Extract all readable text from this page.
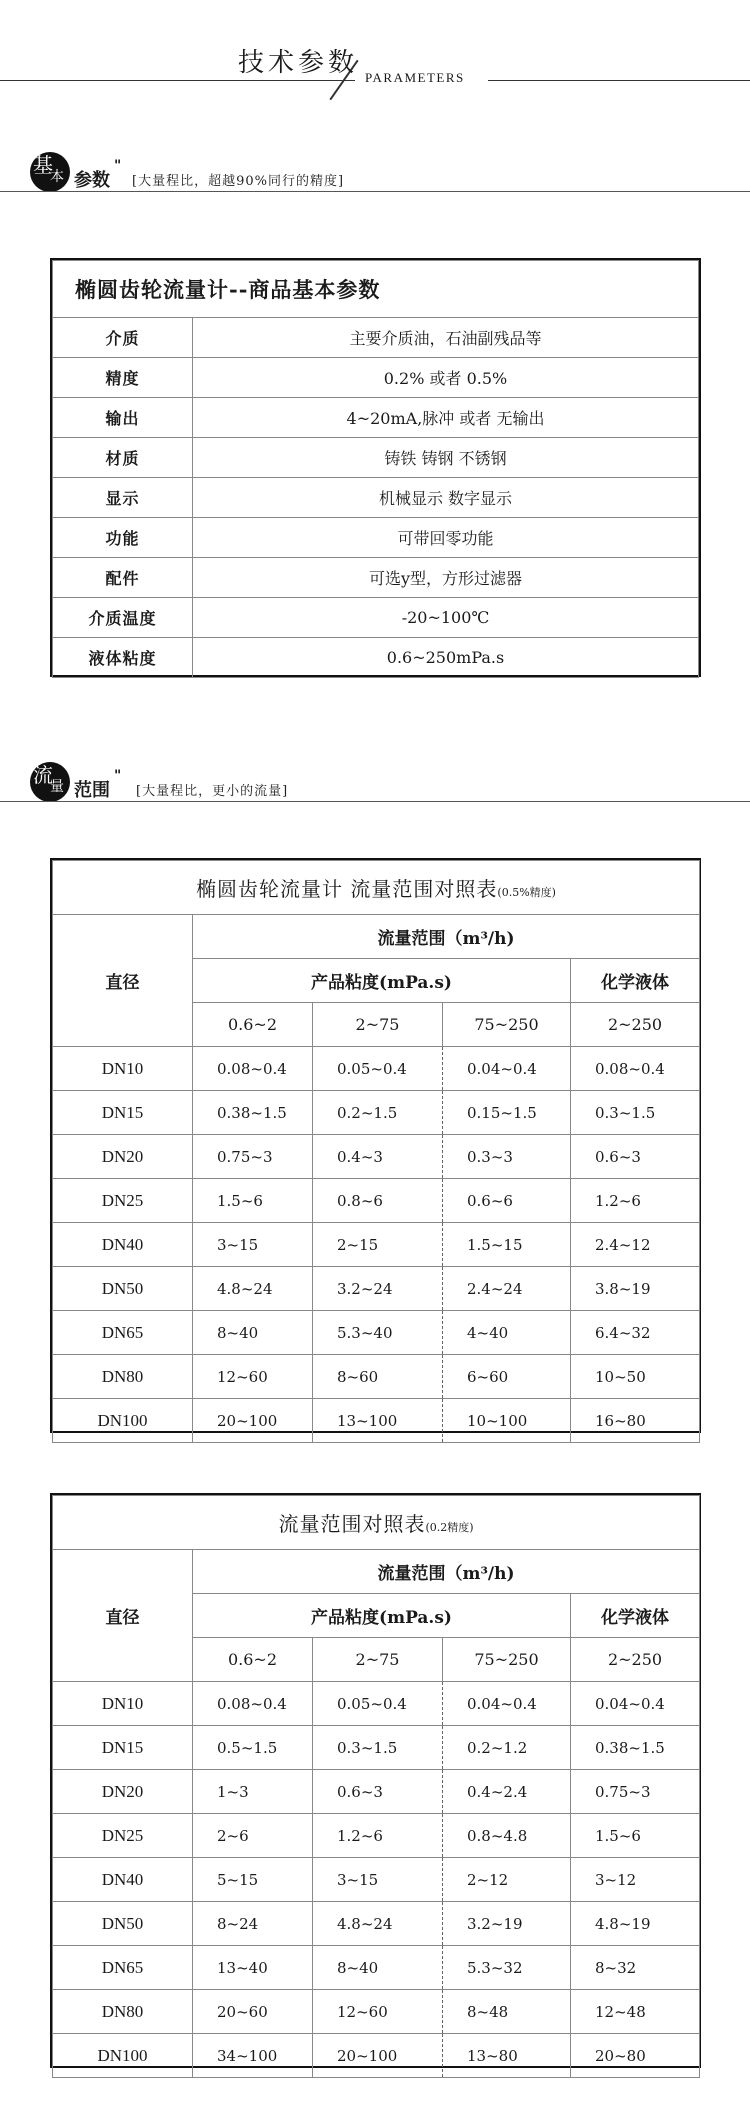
技术参数 PARAMETERS
基
本 参数
"
[大量程比，超越90%同行的精度]
椭圆齿轮流量计--商品基本参数	
介质	主要介质油，石油副残品等
精度	0.2% 或者 0.5%
输出	4~20mA,脉冲 或者 无输出
材质	铸铁 铸钢 不锈钢
显示	机械显示 数字显示
功能	可带回零功能
配件	可选y型，方形过滤器
介质温度	-20~100℃
液体粘度	0.6~250mPa.s
流
量 范围
"
[大量程比，更小的流量]
椭圆齿轮流量计 流量范围对照表(0.5%精度)				
直径	流量范围（m³/h)			
	产品粘度(mPa.s)			化学液体
	0.6~2	2~75	75~250	2~250
DN10	0.08~0.4	0.05~0.4	0.04~0.4	0.08~0.4
DN15	0.38~1.5	0.2~1.5	0.15~1.5	0.3~1.5
DN20	0.75~3	0.4~3	0.3~3	0.6~3
DN25	1.5~6	0.8~6	0.6~6	1.2~6
DN40	3~15	2~15	1.5~15	2.4~12
DN50	4.8~24	3.2~24	2.4~24	3.8~19
DN65	8~40	5.3~40	4~40	6.4~32
DN80	12~60	8~60	6~60	10~50
DN100	20~100	13~100	10~100	16~80
流量范围对照表(0.2精度)				
直径	流量范围（m³/h)			
	产品粘度(mPa.s)			化学液体
	0.6~2	2~75	75~250	2~250
DN10	0.08~0.4	0.05~0.4	0.04~0.4	0.04~0.4
DN15	0.5~1.5	0.3~1.5	0.2~1.2	0.38~1.5
DN20	1~3	0.6~3	0.4~2.4	0.75~3
DN25	2~6	1.2~6	0.8~4.8	1.5~6
DN40	5~15	3~15	2~12	3~12
DN50	8~24	4.8~24	3.2~19	4.8~19
DN65	13~40	8~40	5.3~32	8~32
DN80	20~60	12~60	8~48	12~48
DN100	34~100	20~100	13~80	20~80
